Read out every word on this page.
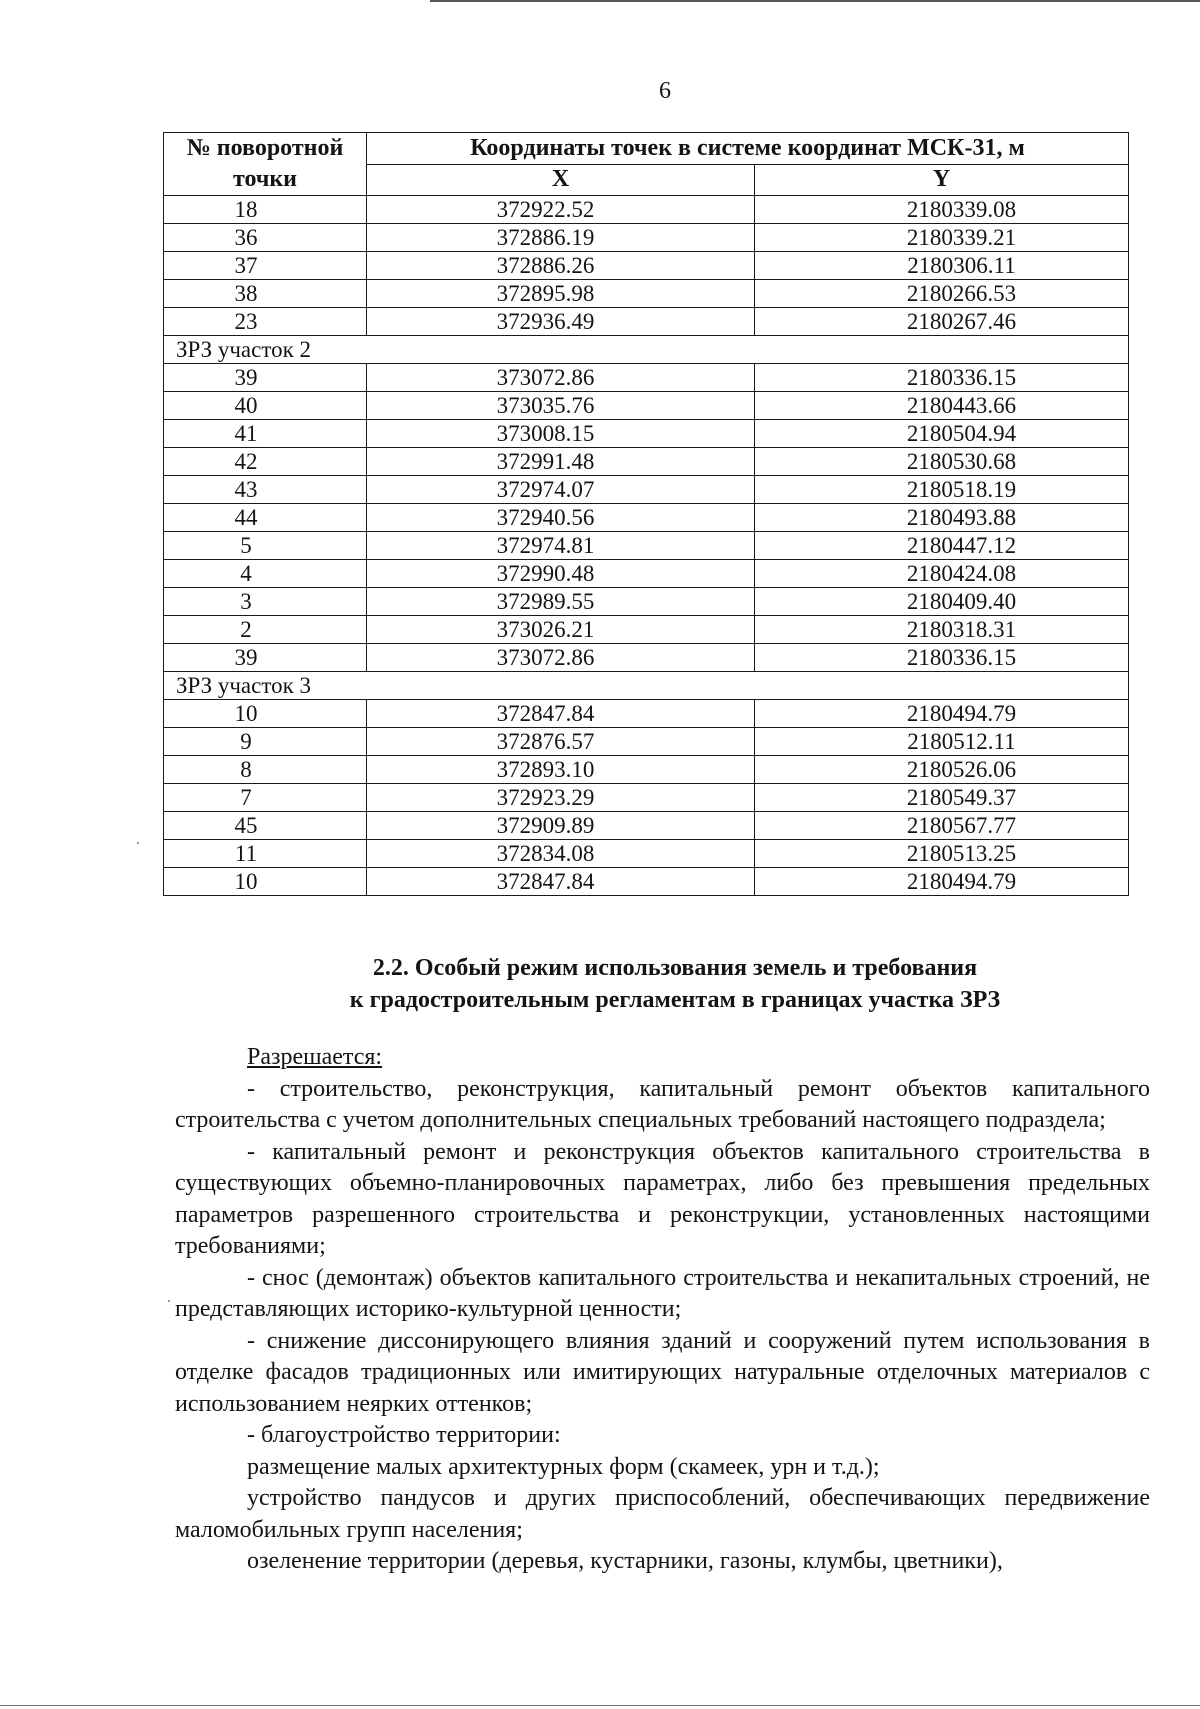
6
№ поворотной точки	Координаты точек в системе координат МСК-31, м	
	X	Y
18	372922.52	2180339.08
36	372886.19	2180339.21
37	372886.26	2180306.11
38	372895.98	2180266.53
23	372936.49	2180267.46
ЗРЗ участок 2		
39	373072.86	2180336.15
40	373035.76	2180443.66
41	373008.15	2180504.94
42	372991.48	2180530.68
43	372974.07	2180518.19
44	372940.56	2180493.88
5	372974.81	2180447.12
4	372990.48	2180424.08
3	372989.55	2180409.40
2	373026.21	2180318.31
39	373072.86	2180336.15
ЗРЗ участок 3		
10	372847.84	2180494.79
9	372876.57	2180512.11
8	372893.10	2180526.06
7	372923.29	2180549.37
45	372909.89	2180567.77
11	372834.08	2180513.25
10	372847.84	2180494.79
2.2. Особый режим использования земель и требования
к градостроительным регламентам в границах участка ЗРЗ

Разрешается:

- строительство, реконструкция, капитальный ремонт объектов капитального строительства с учетом дополнительных специальных требований настоящего подраздела;

- капитальный ремонт и реконструкция объектов капитального строительства в существующих объемно-планировочных параметрах, либо без превышения предельных параметров разрешенного строительства и реконструкции, установленных настоящими требованиями;

- снос (демонтаж) объектов капитального строительства и некапитальных строений, не представляющих историко-культурной ценности;

- снижение диссонирующего влияния зданий и сооружений путем использования в отделке фасадов традиционных или имитирующих натуральные отделочных материалов с использованием неярких оттенков;

- благоустройство территории:

размещение малых архитектурных форм (скамеек, урн и т.д.);

устройство пандусов и других приспособлений, обеспечивающих передвижение маломобильных групп населения;

озеленение территории (деревья, кустарники, газоны, клумбы, цветники),
